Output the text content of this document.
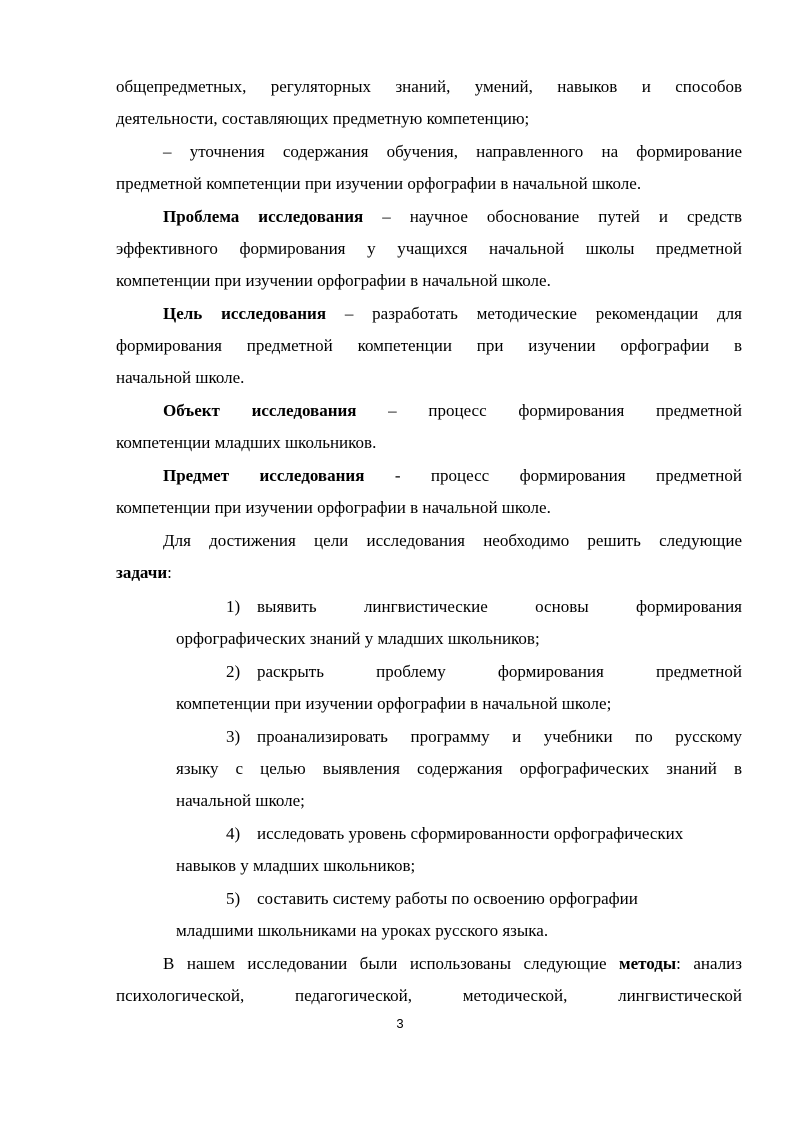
общепредметных, регуляторных знаний, умений, навыков и способов
деятельности, составляющих предметную компетенцию;
– уточнения содержания обучения, направленного на формирование
предметной компетенции при изучении орфографии в начальной школе.
Проблема исследования – научное обоснование путей и средств
эффективного формирования у учащихся начальной школы предметной
компетенции при изучении орфографии в начальной школе.
Цель исследования – разработать методические рекомендации для
формирования предметной компетенции при изучении орфографии в
начальной школе.
Объект исследования – процесс формирования предметной
компетенции младших школьников.
Предмет исследования - процесс формирования предметной
компетенции при изучении орфографии в начальной школе.
Для достижения цели исследования необходимо решить следующие
задачи:
1) выявить лингвистические основы формирования
орфографических знаний у младших школьников;
2) раскрыть проблему формирования предметной
компетенции при изучении орфографии в начальной школе;
3) проанализировать программу и учебники по русскому
языку с целью выявления содержания орфографических знаний в
начальной школе;
4) исследовать уровень сформированности орфографических
навыков у младших школьников;
5) составить систему работы по освоению орфографии
младшими школьниками на уроках русского языка.
В нашем исследовании были использованы следующие методы: анализ
психологической, педагогической, методической, лингвистической
3
